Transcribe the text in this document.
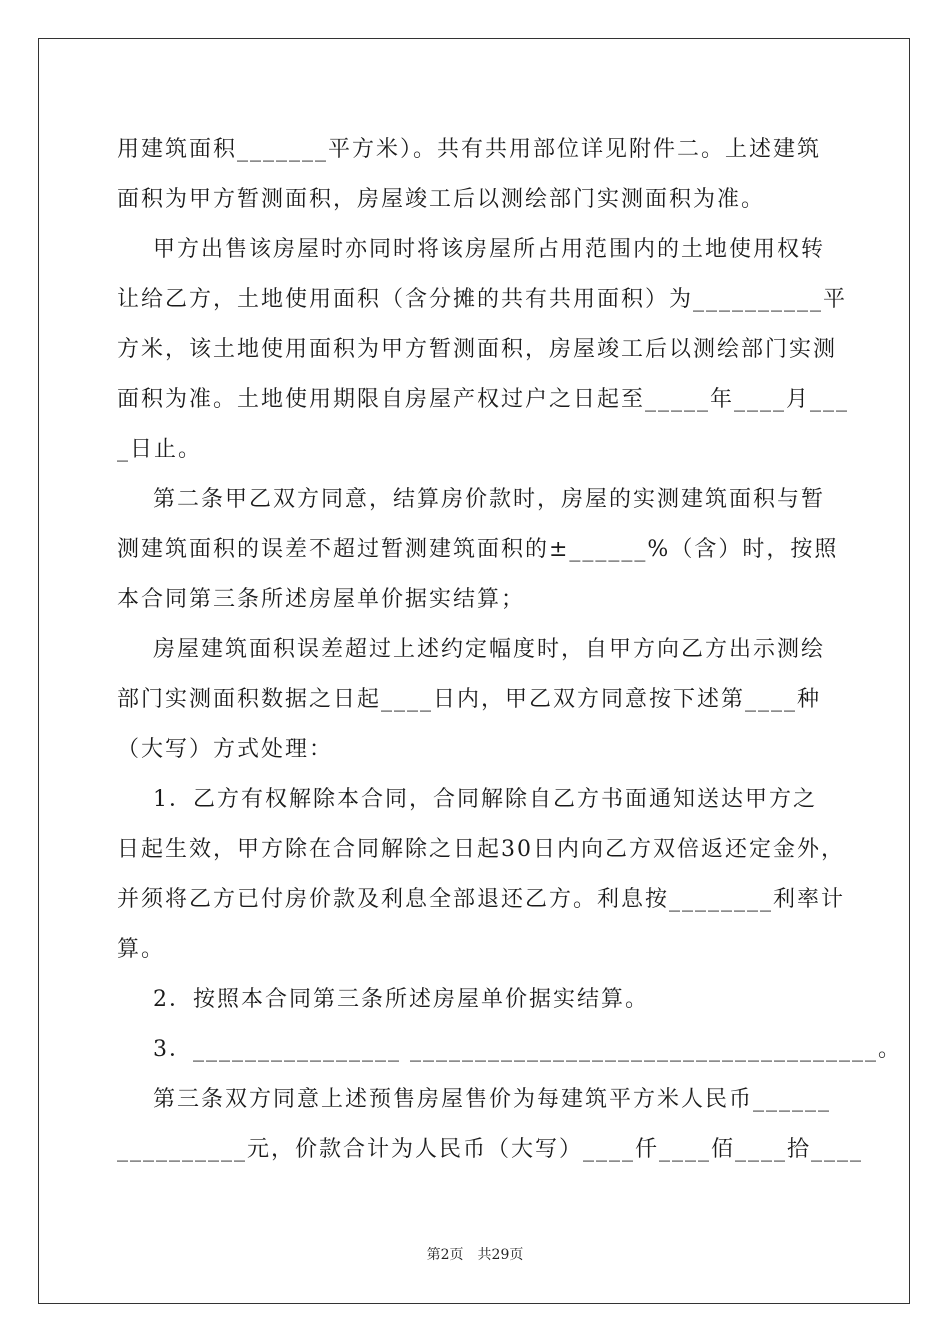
用建筑面积_______平方米）。共有共用部位详见附件二。上述建筑
面积为甲方暂测面积，房屋竣工后以测绘部门实测面积为准。
甲方出售该房屋时亦同时将该房屋所占用范围内的土地使用权转
让给乙方，土地使用面积（含分摊的共有共用面积）为__________平
方米，该土地使用面积为甲方暂测面积，房屋竣工后以测绘部门实测
面积为准。土地使用期限自房屋产权过户之日起至_____年____月___
_日止。
第二条甲乙双方同意，结算房价款时，房屋的实测建筑面积与暂
测建筑面积的误差不超过暂测建筑面积的±______%（含）时，按照
本合同第三条所述房屋单价据实结算；
房屋建筑面积误差超过上述约定幅度时，自甲方向乙方出示测绘
部门实测面积数据之日起____日内，甲乙双方同意按下述第____种
（大写）方式处理：
1．乙方有权解除本合同，合同解除自乙方书面通知送达甲方之
日起生效，甲方除在合同解除之日起30日内向乙方双倍返还定金外，
并须将乙方已付房价款及利息全部退还乙方。利息按________利率计
算。
2．按照本合同第三条所述房屋单价据实结算。
3．________________ ____________________________________。
第三条双方同意上述预售房屋售价为每建筑平方米人民币______
__________元，价款合计为人民币（大写）____仟____佰____拾____
第2页　共29页
